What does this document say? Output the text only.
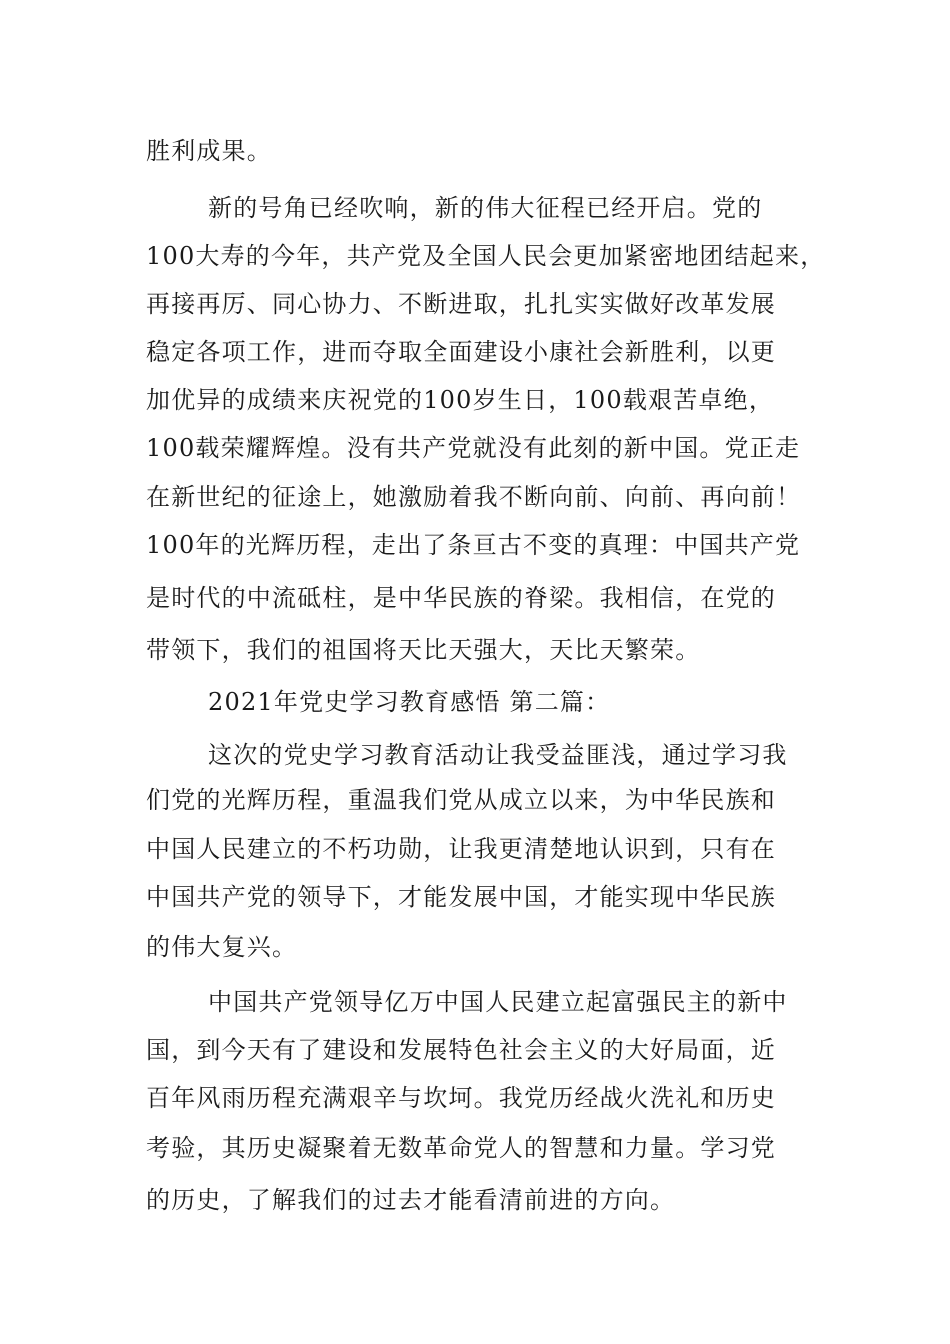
胜利成果。
新的号角已经吹响，新的伟大征程已经开启。党的
100大寿的今年，共产党及全国人民会更加紧密地团结起来，
再接再厉、同心协力、不断进取，扎扎实实做好改革发展
稳定各项工作，进而夺取全面建设小康社会新胜利，以更
加优异的成绩来庆祝党的100岁生日，100载艰苦卓绝，
100载荣耀辉煌。没有共产党就没有此刻的新中国。党正走
在新世纪的征途上，她激励着我不断向前、向前、再向前！
100年的光辉历程，走出了条亘古不变的真理：中国共产党
是时代的中流砥柱，是中华民族的脊梁。我相信，在党的
带领下，我们的祖国将天比天强大，天比天繁荣。
2021年党史学习教育感悟 第二篇：
这次的党史学习教育活动让我受益匪浅，通过学习我
们党的光辉历程，重温我们党从成立以来，为中华民族和
中国人民建立的不朽功勋，让我更清楚地认识到，只有在
中国共产党的领导下，才能发展中国，才能实现中华民族
的伟大复兴。
中国共产党领导亿万中国人民建立起富强民主的新中
国，到今天有了建设和发展特色社会主义的大好局面，近
百年风雨历程充满艰辛与坎坷。我党历经战火洗礼和历史
考验，其历史凝聚着无数革命党人的智慧和力量。学习党
的历史，了解我们的过去才能看清前进的方向。
